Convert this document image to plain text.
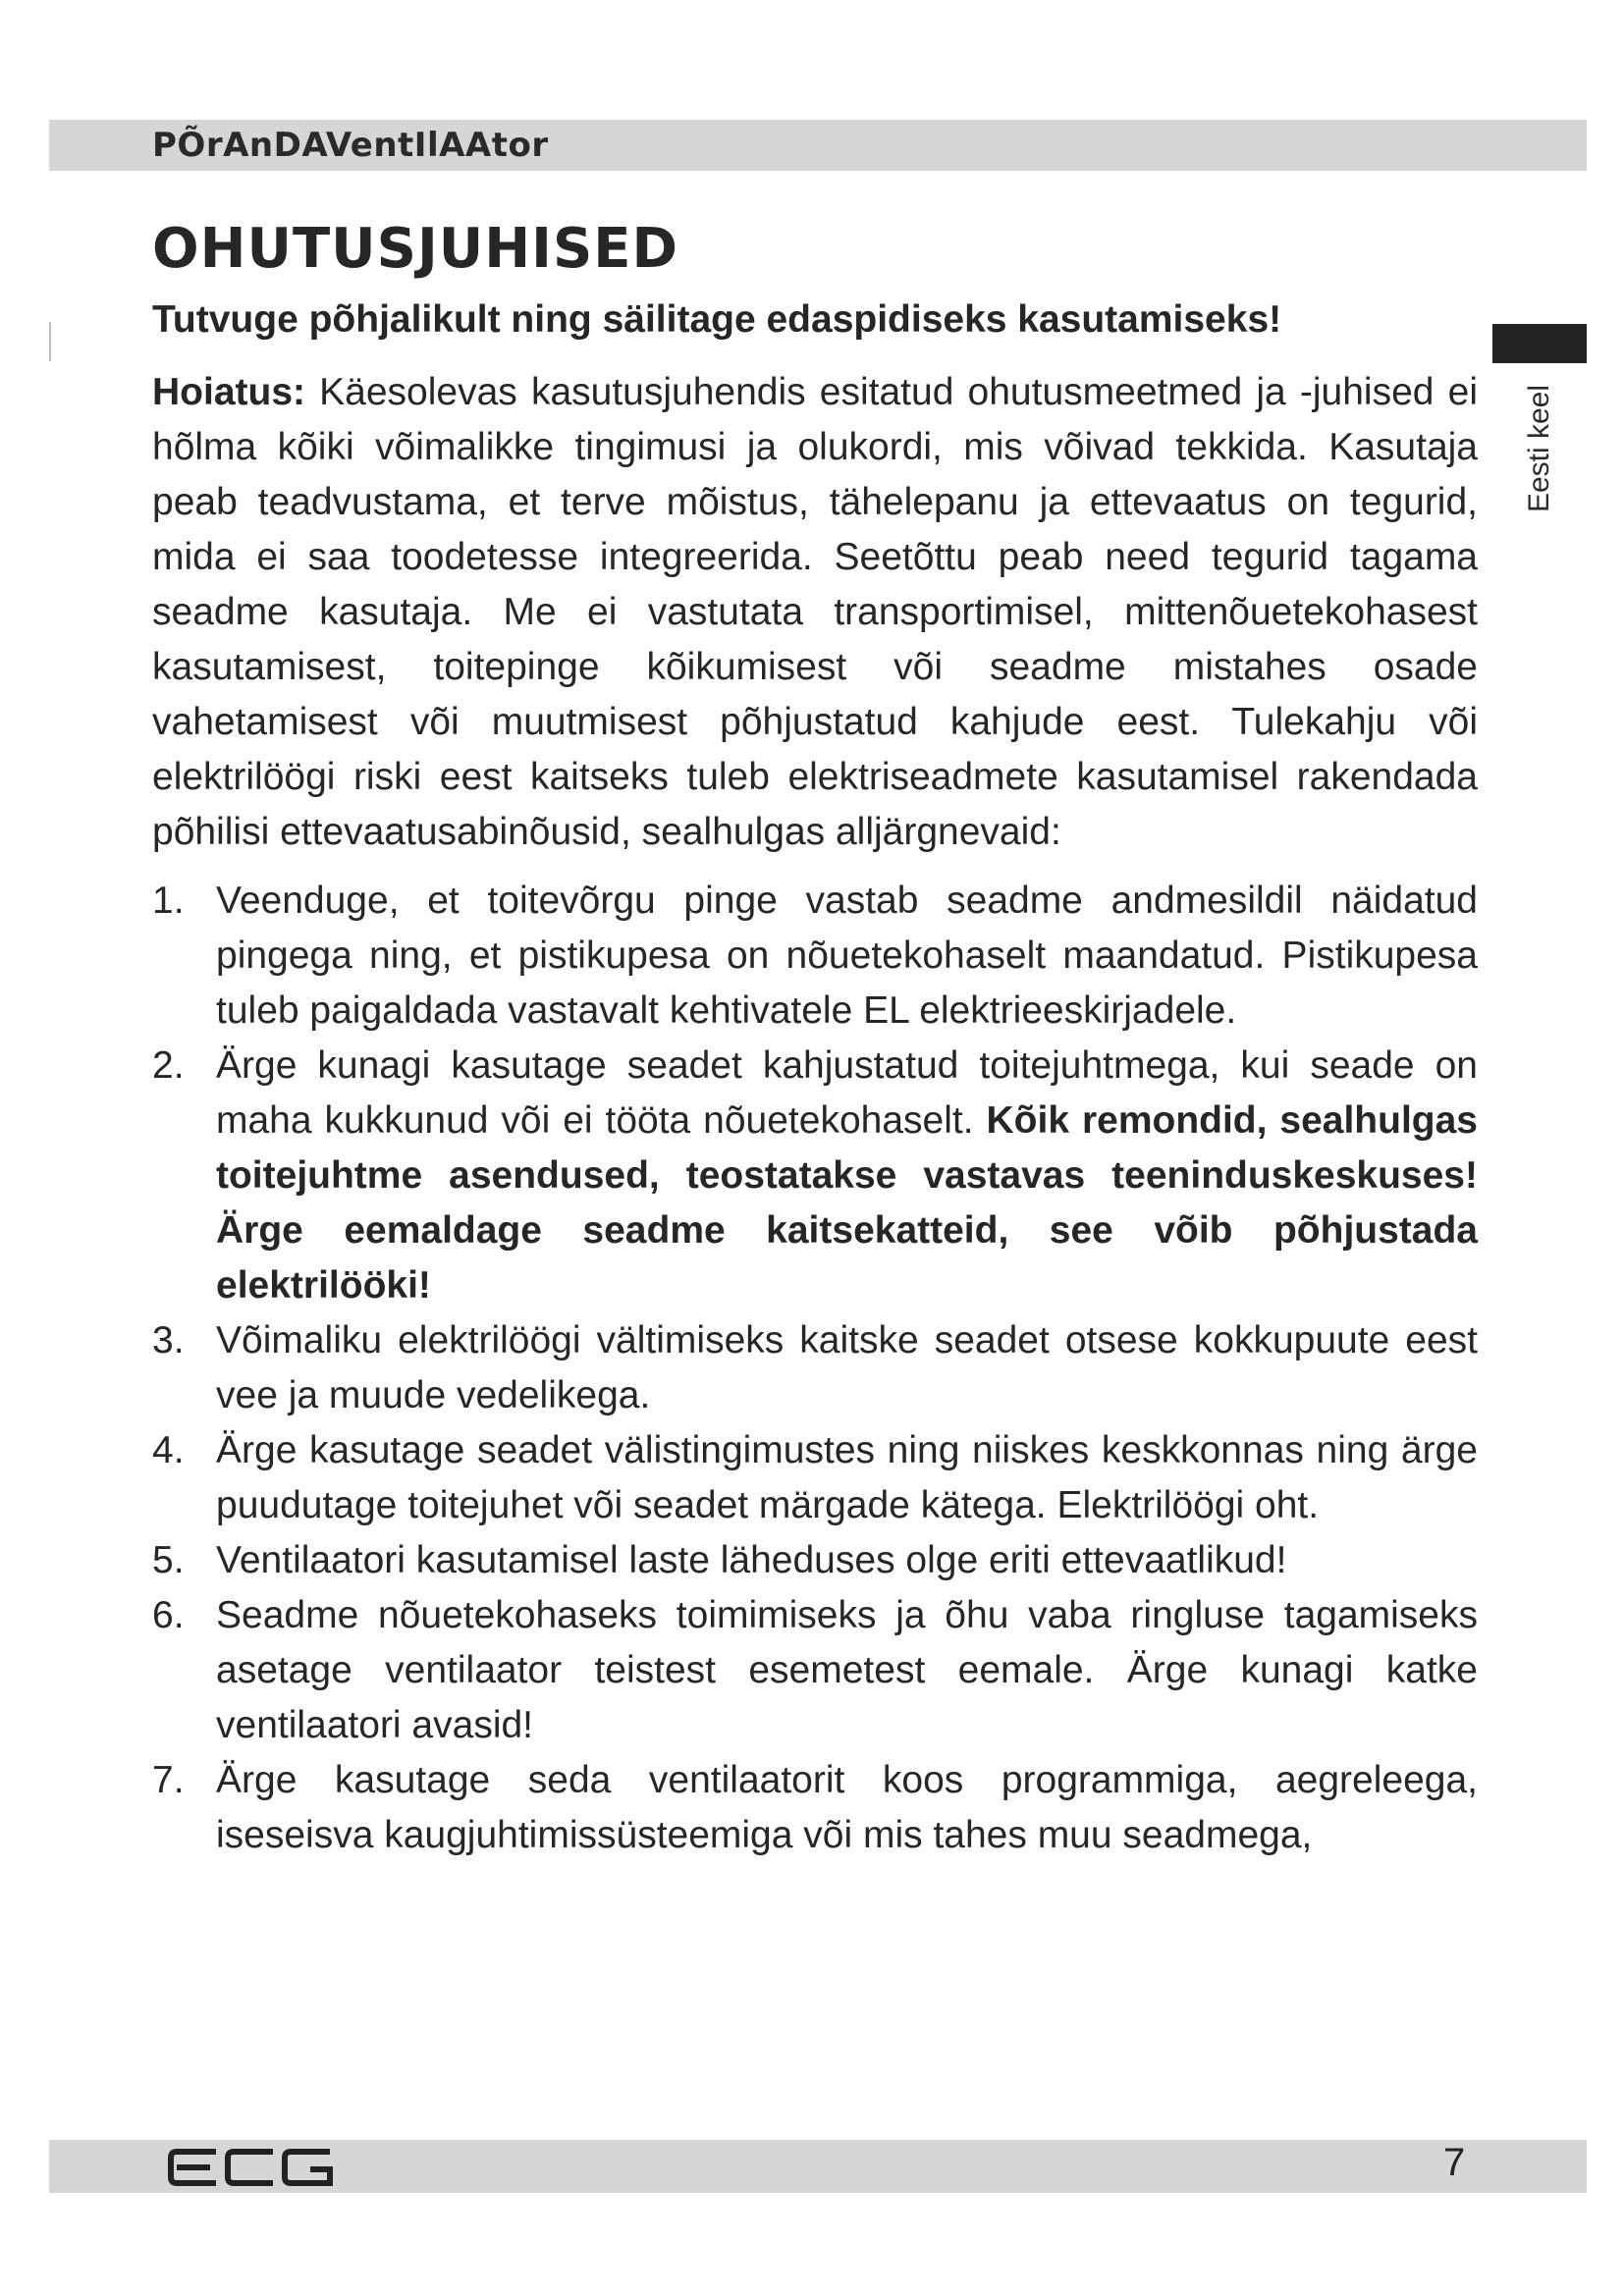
PÕrAnDAVentIlAAtor
Eesti keel
OHUTUSJUHISED

Tutvuge põhjalikult ning säilitage edaspidiseks kasutamiseks!

Hoiatus: Käesolevas kasutusjuhendis esitatud ohutusmeetmed ja -juhised ei hõlma kõiki võimalikke tingimusi ja olukordi, mis võivad tekkida. Kasutaja peab teadvustama, et terve mõistus, tähelepanu ja ettevaatus on tegurid, mida ei saa toodetesse integreerida. Seetõttu peab need tegurid tagama seadme kasutaja. Me ei vastutata transportimisel, mittenõuetekohasest kasutamisest, toitepinge kõikumisest või seadme mistahes osade vahetamisest või muutmisest põhjustatud kahjude eest. Tulekahju või elektrilöögi riski eest kaitseks tuleb elektriseadmete kasutamisel rakendada põhilisi ettevaatusabinõusid, sealhulgas alljärgnevaid:

1. Veenduge, et toitevõrgu pinge vastab seadme andmesildil näidatud pingega ning, et pistikupesa on nõuetekohaselt maandatud. Pistikupesa tuleb paigaldada vastavalt kehtivatele EL elektrieeskirjadele.
2. Ärge kunagi kasutage seadet kahjustatud toitejuhtmega, kui seade on maha kukkunud või ei tööta nõuetekohaselt. Kõik remondid, sealhulgas toitejuhtme asendused, teostatakse vastavas teeninduskeskuses! Ärge eemaldage seadme kaitsekatteid, see võib põhjustada elektrilööki!
3. Võimaliku elektrilöögi vältimiseks kaitske seadet otsese kokkupuute eest vee ja muude vedelikega.
4. Ärge kasutage seadet välistingimustes ning niiskes keskkonnas ning ärge puudutage toitejuhet või seadet märgade kätega. Elektrilöögi oht.
5. Ventilaatori kasutamisel laste läheduses olge eriti ettevaatlikud!
6. Seadme nõuetekohaseks toimimiseks ja õhu vaba ringluse tagamiseks asetage ventilaator teistest esemetest eemale. Ärge kunagi katke ventilaatori avasid!
7. Ärge kasutage seda ventilaatorit koos programmiga, aegreleega, iseseisva kaugjuhtimissüsteemiga või mis tahes muu seadmega,
7
